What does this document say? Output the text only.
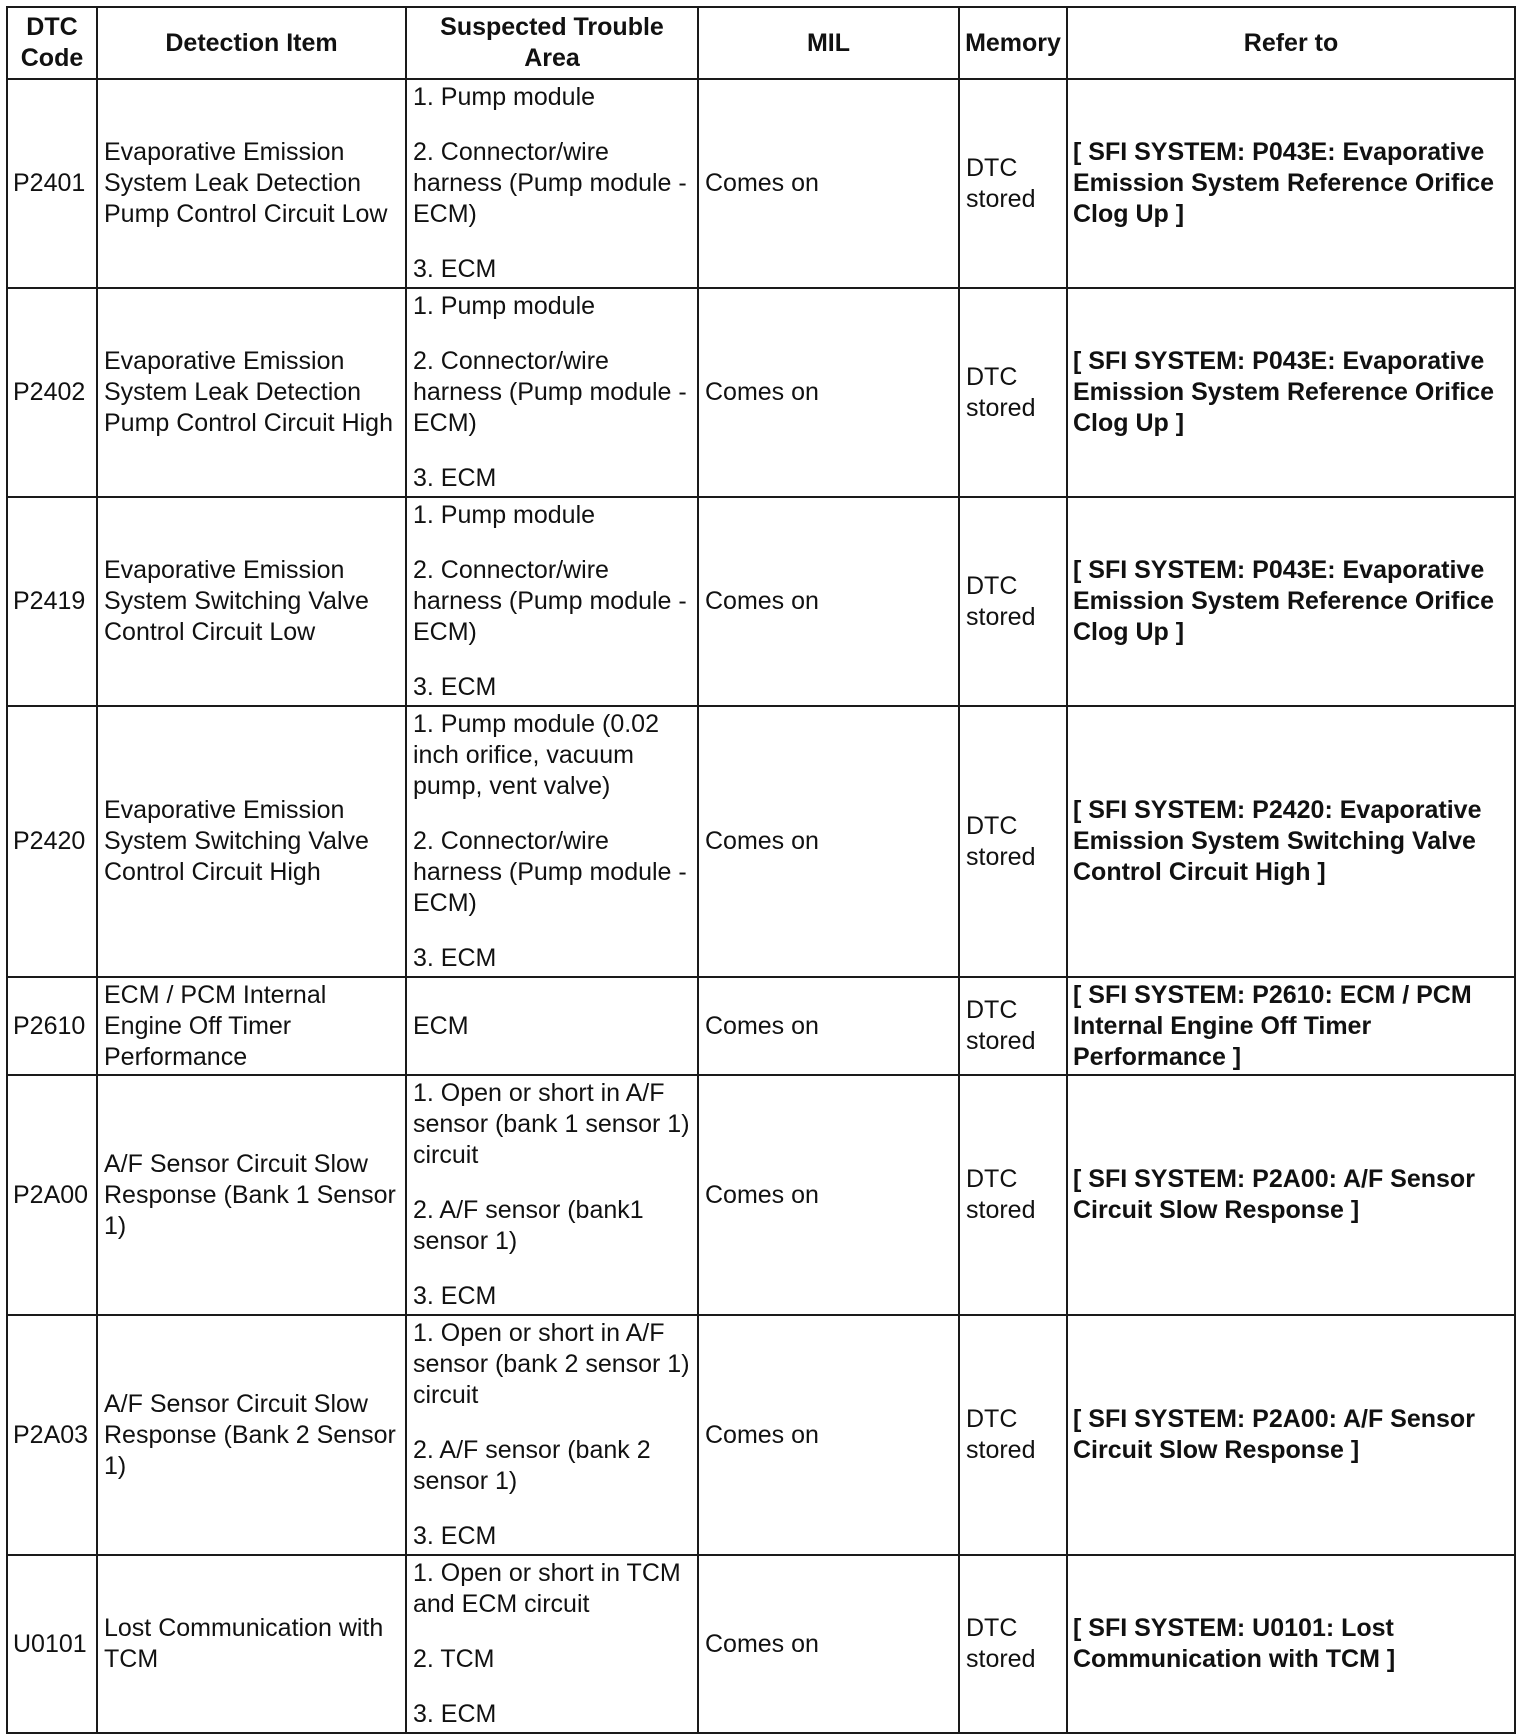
DTC
Code	Detection Item	Suspected Trouble Area	MIL	Memory	Refer to
P2401	Evaporative Emission System Leak Detection Pump Control Circuit Low	1. Pump module
2. Connector/wire harness (Pump module - ECM)
3. ECM	Comes on	DTC stored	[ SFI SYSTEM: P043E: Evaporative Emission System Reference Orifice Clog Up ]
P2402	Evaporative Emission System Leak Detection Pump Control Circuit High	1. Pump module
2. Connector/wire harness (Pump module - ECM)
3. ECM	Comes on	DTC stored	[ SFI SYSTEM: P043E: Evaporative Emission System Reference Orifice Clog Up ]
P2419	Evaporative Emission System Switching Valve Control Circuit Low	1. Pump module
2. Connector/wire harness (Pump module - ECM)
3. ECM	Comes on	DTC stored	[ SFI SYSTEM: P043E: Evaporative Emission System Reference Orifice Clog Up ]
P2420	Evaporative Emission System Switching Valve Control Circuit High	1. Pump module (0.02 inch orifice, vacuum pump, vent valve)
2. Connector/wire harness (Pump module - ECM)
3. ECM	Comes on	DTC stored	[ SFI SYSTEM: P2420: Evaporative Emission System Switching Valve Control Circuit High ]
P2610	ECM / PCM Internal Engine Off Timer Performance	ECM	Comes on	DTC stored	[ SFI SYSTEM: P2610: ECM / PCM Internal Engine Off Timer Performance ]
P2A00	A/F Sensor Circuit Slow Response (Bank 1 Sensor 1)	1. Open or short in A/F sensor (bank 1 sensor 1) circuit
2. A/F sensor (bank1 sensor 1)
3. ECM	Comes on	DTC stored	[ SFI SYSTEM: P2A00: A/F Sensor Circuit Slow Response ]
P2A03	A/F Sensor Circuit Slow Response (Bank 2 Sensor 1)	1. Open or short in A/F sensor (bank 2 sensor 1) circuit
2. A/F sensor (bank 2 sensor 1)
3. ECM	Comes on	DTC stored	[ SFI SYSTEM: P2A00: A/F Sensor Circuit Slow Response ]
U0101	Lost Communication with TCM	1. Open or short in TCM and ECM circuit
2. TCM
3. ECM	Comes on	DTC stored	[ SFI SYSTEM: U0101: Lost Communication with TCM ]
